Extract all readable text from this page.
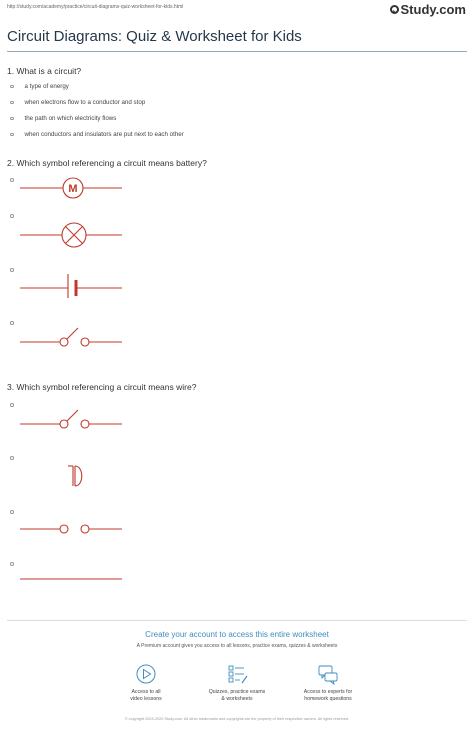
http://study.com/academy/practice/circuit-diagrams-quiz-worksheet-for-kids.html	Study.com
Circuit Diagrams: Quiz & Worksheet for Kids
1. What is a circuit?
a type of energy
when electrons flow to a conductor and stop
the path on which electricity flows
when conductors and insulators are put next to each other
2. Which symbol referencing a circuit means battery?
M
3. Which symbol referencing a circuit means wire?
Create your account to access this entire worksheet
A Premium account gives you access to all lessons, practice exams, quizzes & worksheets
Access to all
video lessons
Quizzes, practice exams
& worksheets
Access to experts for
homework questions
© copyright 2003-2020 Study.com. All other trademarks and copyrights are the property of their respective owners. All rights reserved.
